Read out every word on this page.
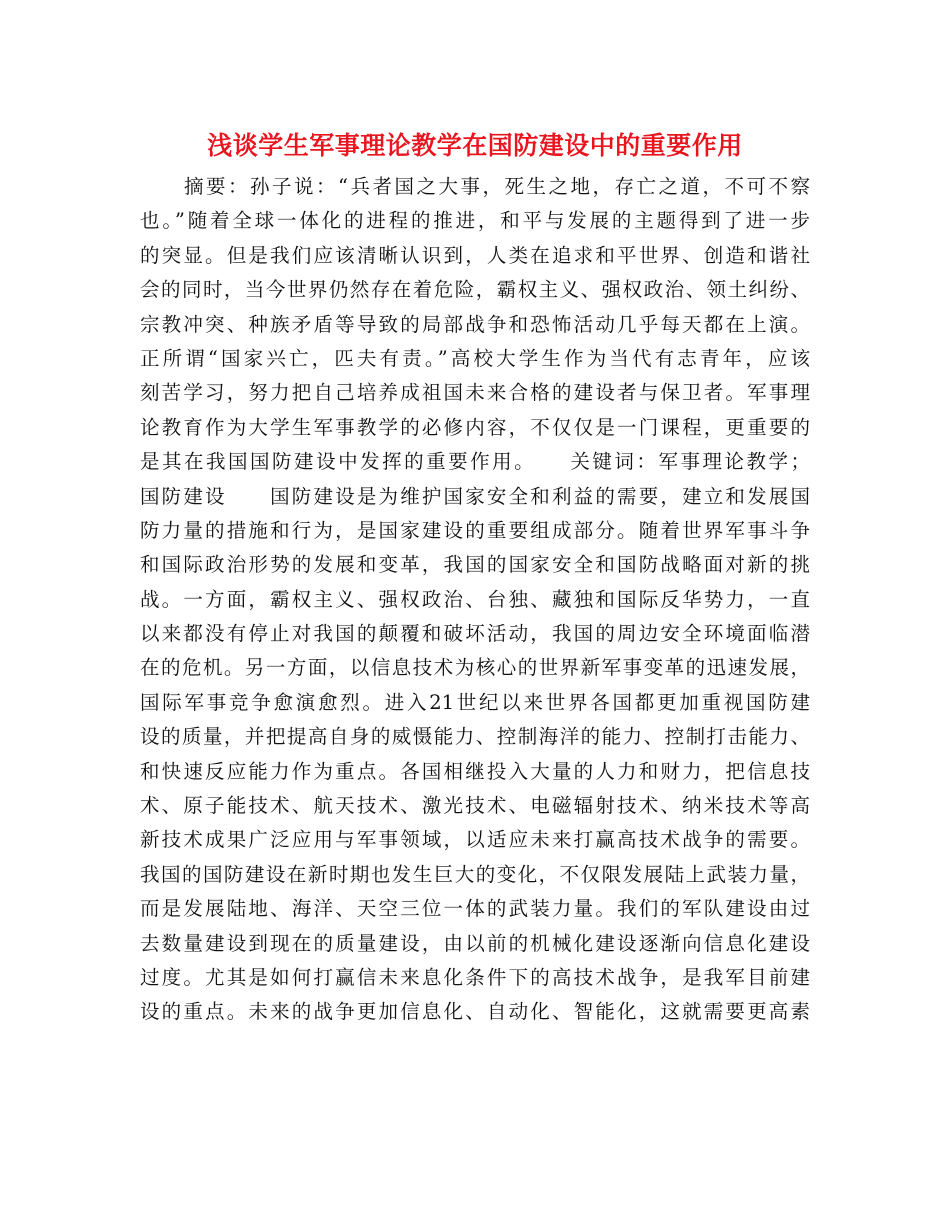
浅谈学生军事理论教学在国防建设中的重要作用
　　摘要：孙子说：“兵者国之大事，死生之地，存亡之道，不可不察
也。”随着全球一体化的进程的推进，和平与发展的主题得到了进一步
的突显。但是我们应该清晰认识到，人类在追求和平世界、创造和谐社
会的同时，当今世界仍然存在着危险，霸权主义、强权政治、领土纠纷、
宗教冲突、种族矛盾等导致的局部战争和恐怖活动几乎每天都在上演。
正所谓“国家兴亡，匹夫有责。”高校大学生作为当代有志青年，应该
刻苦学习，努力把自己培养成祖国未来合格的建设者与保卫者。军事理
论教育作为大学生军事教学的必修内容，不仅仅是一门课程，更重要的
是其在我国国防建设中发挥的重要作用。　　关键词：军事理论教学；
国防建设　　国防建设是为维护国家安全和利益的需要，建立和发展国
防力量的措施和行为，是国家建设的重要组成部分。随着世界军事斗争
和国际政治形势的发展和变革，我国的国家安全和国防战略面对新的挑
战。一方面，霸权主义、强权政治、台独、藏独和国际反华势力，一直
以来都没有停止对我国的颠覆和破坏活动，我国的周边安全环境面临潜
在的危机。另一方面，以信息技术为核心的世界新军事变革的迅速发展，
国际军事竞争愈演愈烈。进入21世纪以来世界各国都更加重视国防建
设的质量，并把提高自身的威慑能力、控制海洋的能力、控制打击能力、
和快速反应能力作为重点。各国相继投入大量的人力和财力，把信息技
术、原子能技术、航天技术、激光技术、电磁辐射技术、纳米技术等高
新技术成果广泛应用与军事领域，以适应未来打赢高技术战争的需要。
我国的国防建设在新时期也发生巨大的变化，不仅限发展陆上武装力量，
而是发展陆地、海洋、天空三位一体的武装力量。我们的军队建设由过
去数量建设到现在的质量建设，由以前的机械化建设逐渐向信息化建设
过度。尤其是如何打赢信未来息化条件下的高技术战争，是我军目前建
设的重点。未来的战争更加信息化、自动化、智能化，这就需要更高素
